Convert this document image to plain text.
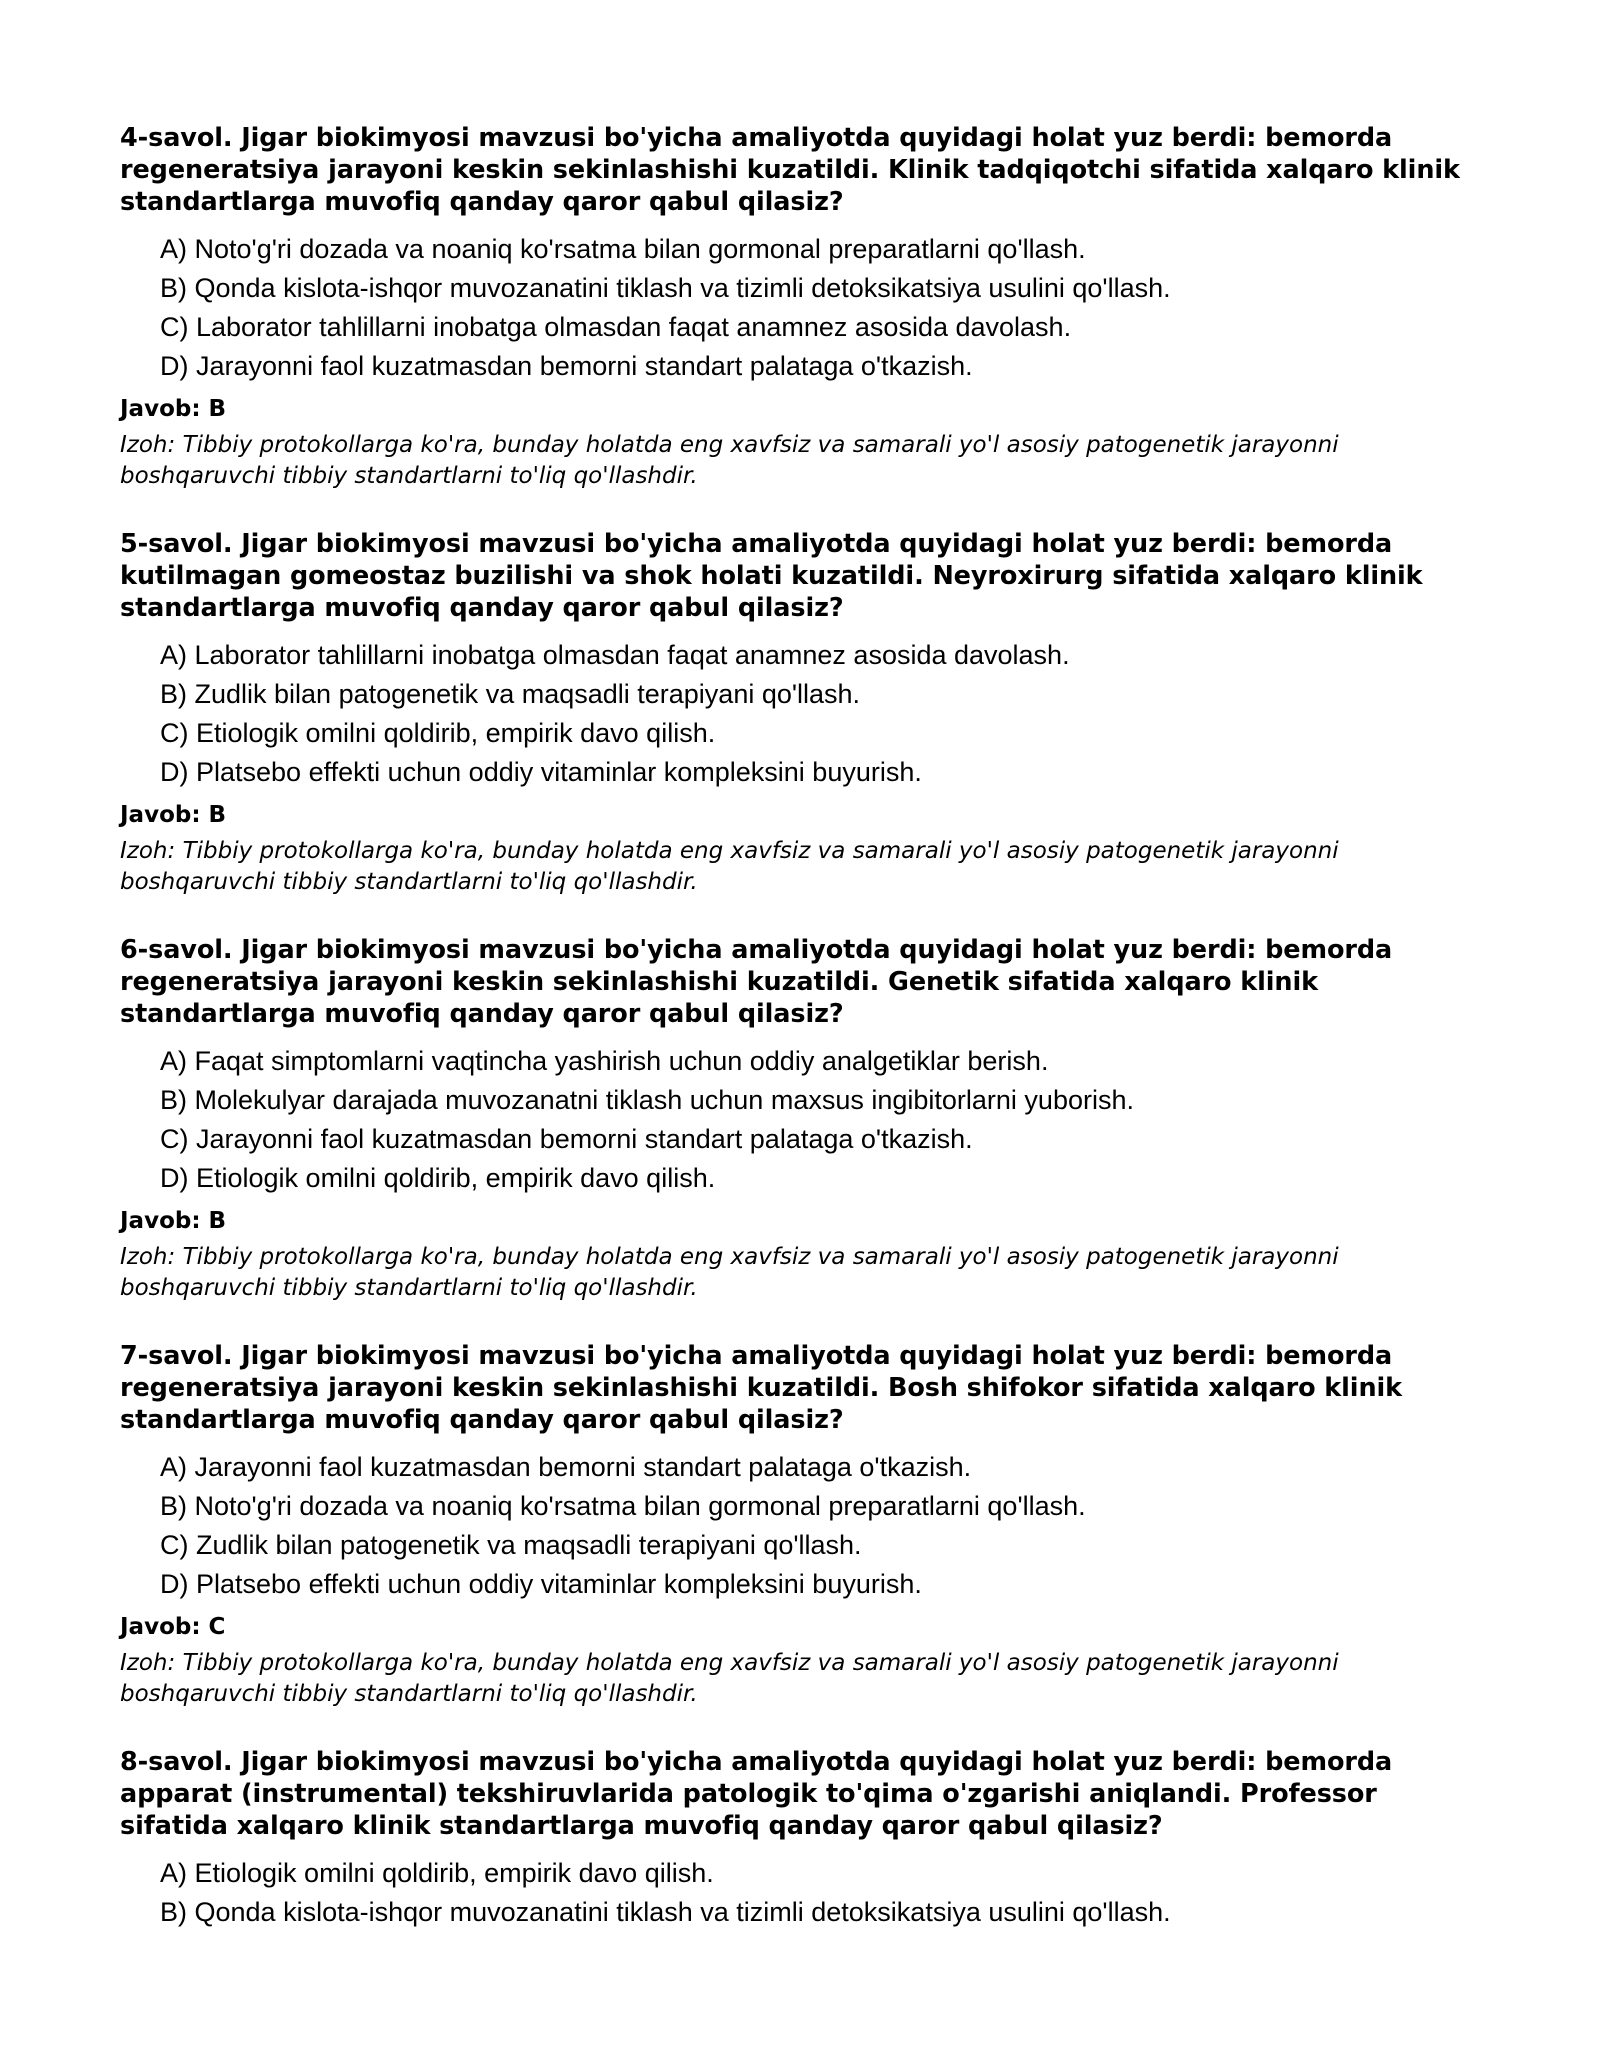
4-savol. Jigar biokimyosi mavzusi bo'yicha amaliyotda quyidagi holat yuz berdi: bemorda regeneratsiya jarayoni keskin sekinlashishi kuzatildi. Klinik tadqiqotchi sifatida xalqaro klinik standartlarga muvofiq qanday qaror qabul qilasiz?

A) Noto'g'ri dozada va noaniq ko'rsatma bilan gormonal preparatlarni qo'llash.
B) Qonda kislota-ishqor muvozanatini tiklash va tizimli detoksikatsiya usulini qo'llash.
C) Laborator tahlillarni inobatga olmasdan faqat anamnez asosida davolash.
D) Jarayonni faol kuzatmasdan bemorni standart palataga o'tkazish.

Javob: B

Izoh: Tibbiy protokollarga ko'ra, bunday holatda eng xavfsiz va samarali yo'l asosiy patogenetik jarayonni boshqaruvchi tibbiy standartlarni to'liq qo'llashdir.

5-savol. Jigar biokimyosi mavzusi bo'yicha amaliyotda quyidagi holat yuz berdi: bemorda kutilmagan gomeostaz buzilishi va shok holati kuzatildi. Neyroxirurg sifatida xalqaro klinik standartlarga muvofiq qanday qaror qabul qilasiz?

A) Laborator tahlillarni inobatga olmasdan faqat anamnez asosida davolash.
B) Zudlik bilan patogenetik va maqsadli terapiyani qo'llash.
C) Etiologik omilni qoldirib, empirik davo qilish.
D) Platsebo effekti uchun oddiy vitaminlar kompleksini buyurish.

Javob: B

Izoh: Tibbiy protokollarga ko'ra, bunday holatda eng xavfsiz va samarali yo'l asosiy patogenetik jarayonni boshqaruvchi tibbiy standartlarni to'liq qo'llashdir.

6-savol. Jigar biokimyosi mavzusi bo'yicha amaliyotda quyidagi holat yuz berdi: bemorda regeneratsiya jarayoni keskin sekinlashishi kuzatildi. Genetik sifatida xalqaro klinik standartlarga muvofiq qanday qaror qabul qilasiz?

A) Faqat simptomlarni vaqtincha yashirish uchun oddiy analgetiklar berish.
B) Molekulyar darajada muvozanatni tiklash uchun maxsus ingibitorlarni yuborish.
C) Jarayonni faol kuzatmasdan bemorni standart palataga o'tkazish.
D) Etiologik omilni qoldirib, empirik davo qilish.

Javob: B

Izoh: Tibbiy protokollarga ko'ra, bunday holatda eng xavfsiz va samarali yo'l asosiy patogenetik jarayonni boshqaruvchi tibbiy standartlarni to'liq qo'llashdir.

7-savol. Jigar biokimyosi mavzusi bo'yicha amaliyotda quyidagi holat yuz berdi: bemorda regeneratsiya jarayoni keskin sekinlashishi kuzatildi. Bosh shifokor sifatida xalqaro klinik standartlarga muvofiq qanday qaror qabul qilasiz?

A) Jarayonni faol kuzatmasdan bemorni standart palataga o'tkazish.
B) Noto'g'ri dozada va noaniq ko'rsatma bilan gormonal preparatlarni qo'llash.
C) Zudlik bilan patogenetik va maqsadli terapiyani qo'llash.
D) Platsebo effekti uchun oddiy vitaminlar kompleksini buyurish.

Javob: C

Izoh: Tibbiy protokollarga ko'ra, bunday holatda eng xavfsiz va samarali yo'l asosiy patogenetik jarayonni boshqaruvchi tibbiy standartlarni to'liq qo'llashdir.

8-savol. Jigar biokimyosi mavzusi bo'yicha amaliyotda quyidagi holat yuz berdi: bemorda apparat (instrumental) tekshiruvlarida patologik to'qima o'zgarishi aniqlandi. Professor sifatida xalqaro klinik standartlarga muvofiq qanday qaror qabul qilasiz?

A) Etiologik omilni qoldirib, empirik davo qilish.
B) Qonda kislota-ishqor muvozanatini tiklash va tizimli detoksikatsiya usulini qo'llash.
